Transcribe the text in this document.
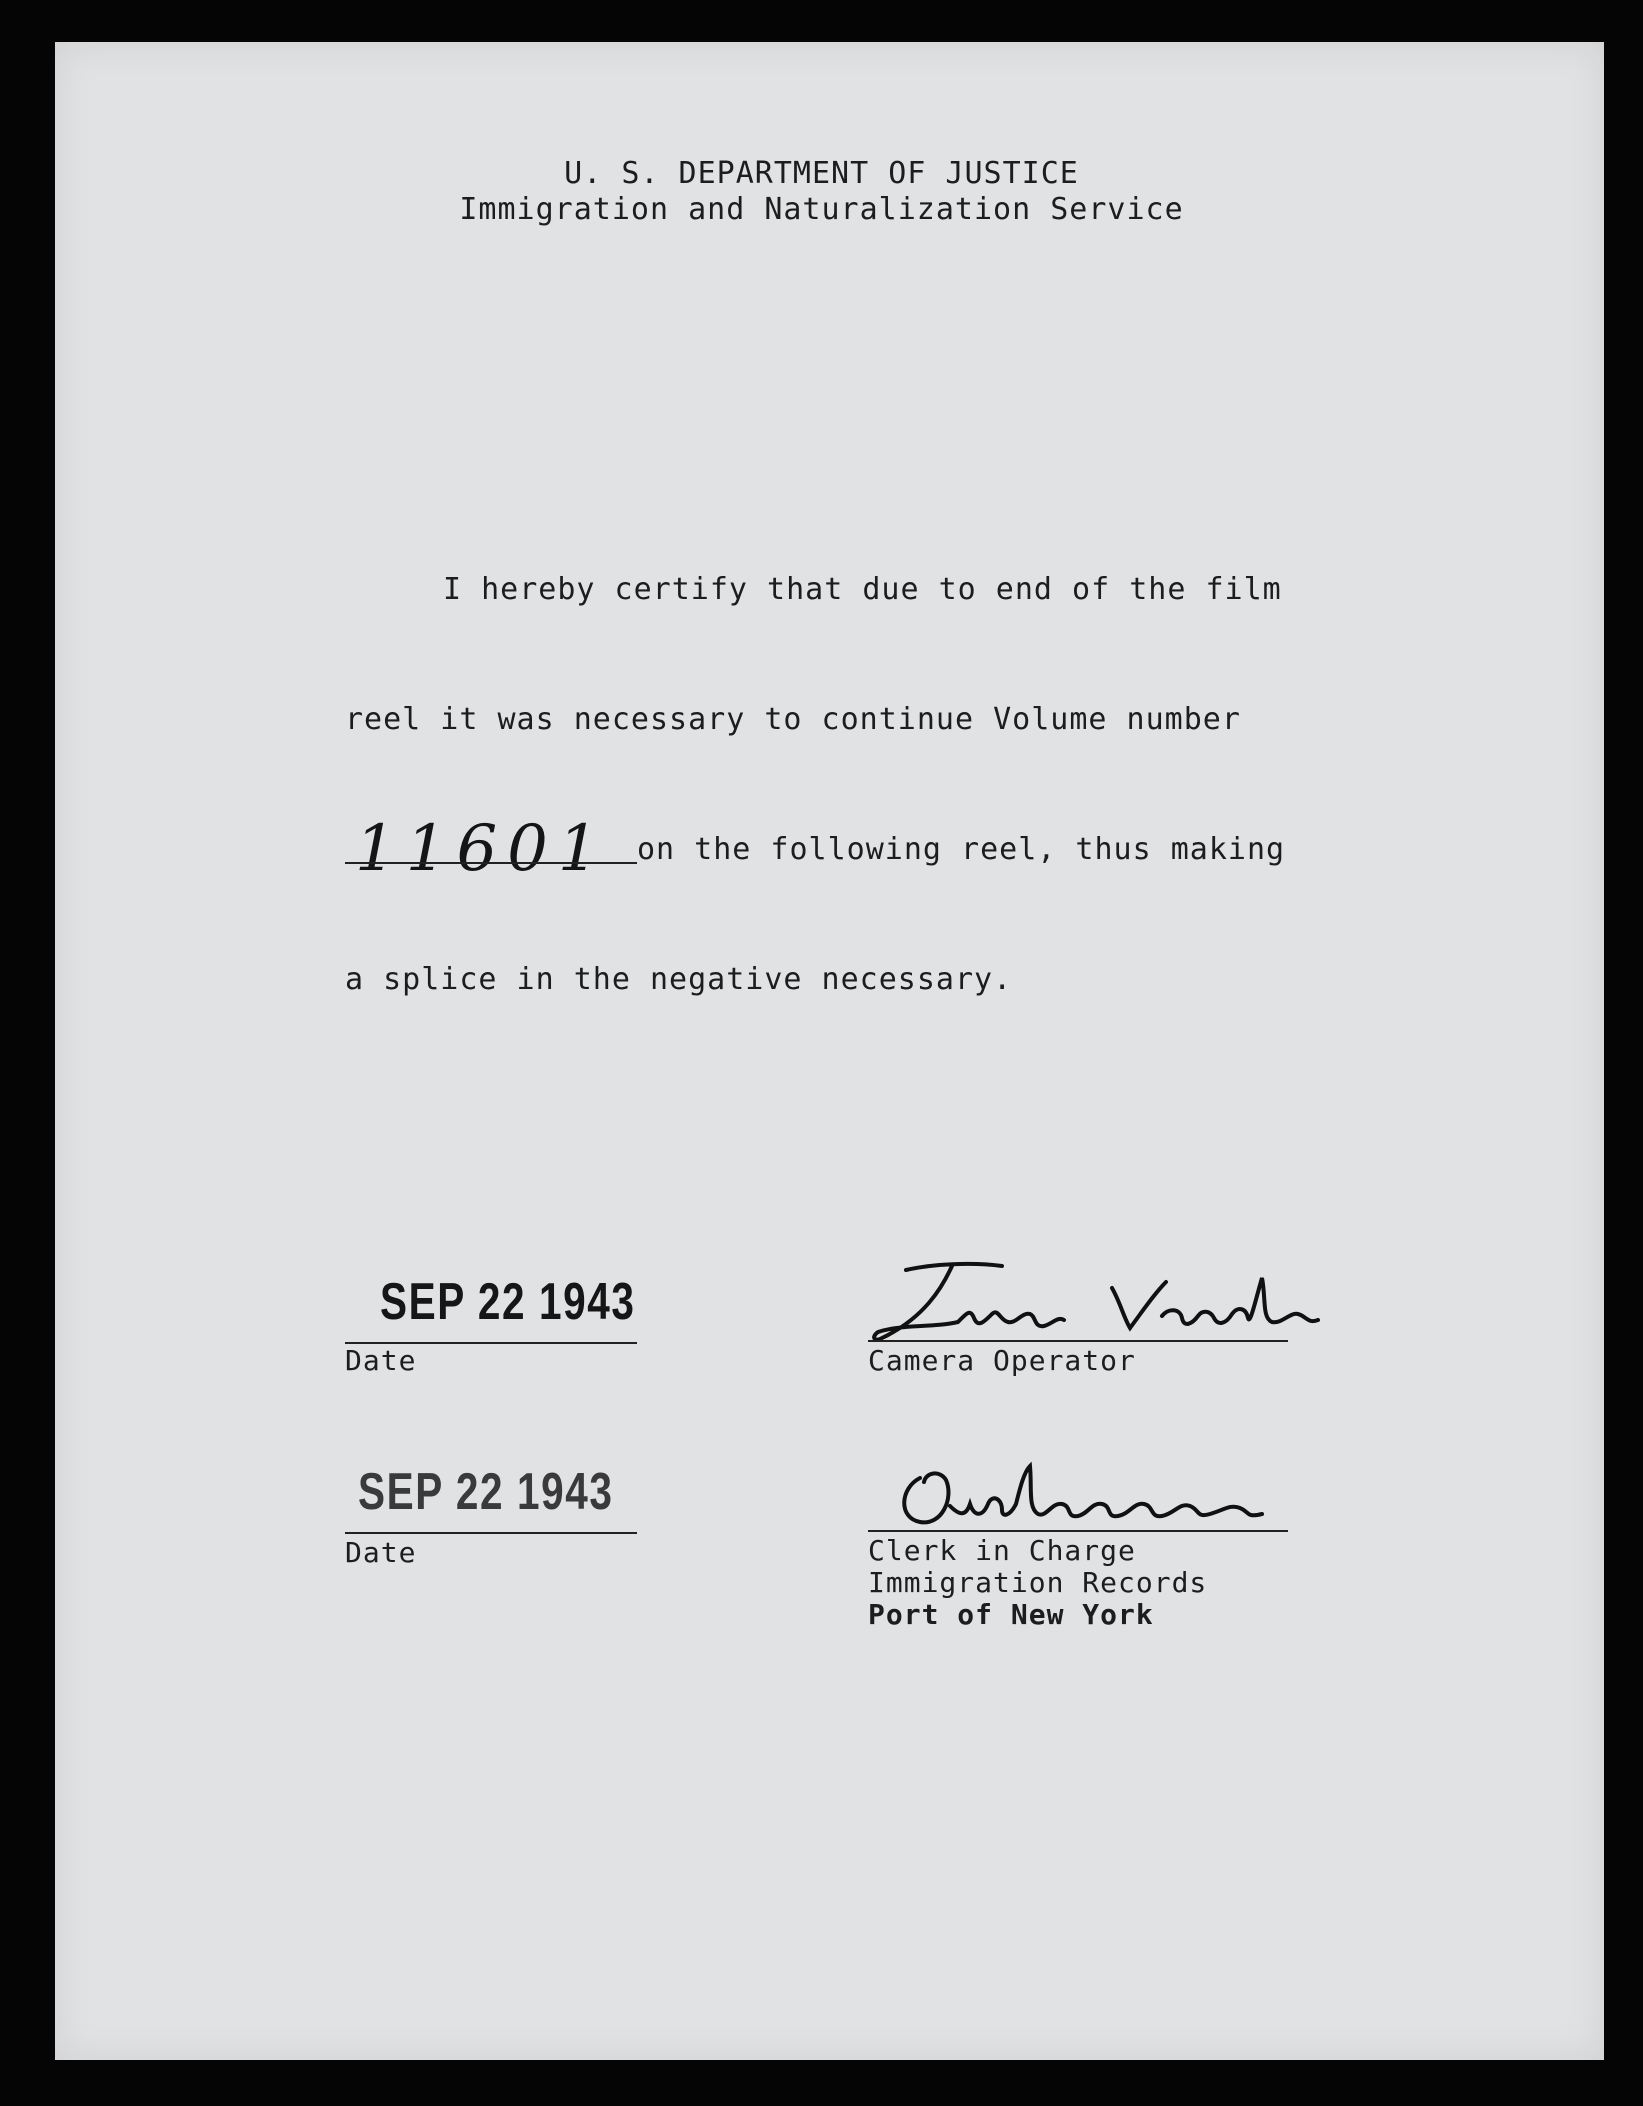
U. S. DEPARTMENT OF JUSTICE
Immigration and Naturalization Service
I hereby certify that due to end of the film
reel it was necessary to continue Volume number
11601 on the following reel, thus making
a splice in the negative necessary.
SEP 22 1943
Date	Camera Operator
SEP 22 1943
Date	Clerk in Charge
Immigration Records
Port of New York
